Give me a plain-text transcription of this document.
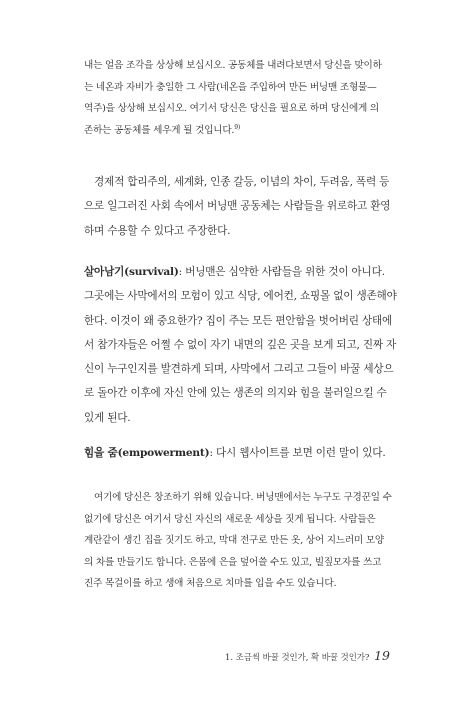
내는 얼음 조각을 상상해 보십시오. 공동체를 내려다보면서 당신을 맞이하
는 네온과 자비가 충일한 그 사람(네온을 주입하여 만든 버닝맨 조형물—
역주)을 상상해 보십시오. 여기서 당신은 당신을 필요로 하며 당신에게 의
존하는 공동체를 세우게 될 것입니다.$^{9)}$
경제적 합리주의, 세계화, 인종 갈등, 이념의 차이, 두려움, 폭력 등
으로 일그러진 사회 속에서 버닝맨 공동체는 사람들을 위로하고 환영
하며 수용할 수 있다고 주장한다.
살아남기(survival): 버닝맨은 심약한 사람들을 위한 것이 아니다.
그곳에는 사막에서의 모험이 있고 식당, 에어컨, 쇼핑몰 없이 생존해야
한다. 이것이 왜 중요한가? 집이 주는 모든 편안함을 벗어버린 상태에
서 참가자들은 어쩔 수 없이 자기 내면의 깊은 곳을 보게 되고, 진짜 자
신이 누구인지를 발견하게 되며, 사막에서 그리고 그들이 바꿀 세상으
로 돌아간 이후에 자신 안에 있는 생존의 의지와 힘을 불러일으킬 수
있게 된다.
힘을 줌(empowerment): 다시 웹사이트를 보면 이런 말이 있다.
여기에 당신은 창조하기 위해 있습니다. 버닝맨에서는 누구도 구경꾼일 수
없기에 당신은 여기서 당신 자신의 새로운 세상을 짓게 됩니다. 사람들은
계란같이 생긴 집을 짓기도 하고, 막대 전구로 만든 옷, 상어 지느러미 모양
의 차를 만들기도 합니다. 은몸에 은을 덮어쓸 수도 있고, 빌짚모자를 쓰고
진주 목걸이를 하고 생애 처음으로 치마를 입을 수도 있습니다.
1. 조금씩 바꿀 것인가, 확 바꿀 것인가? 19
